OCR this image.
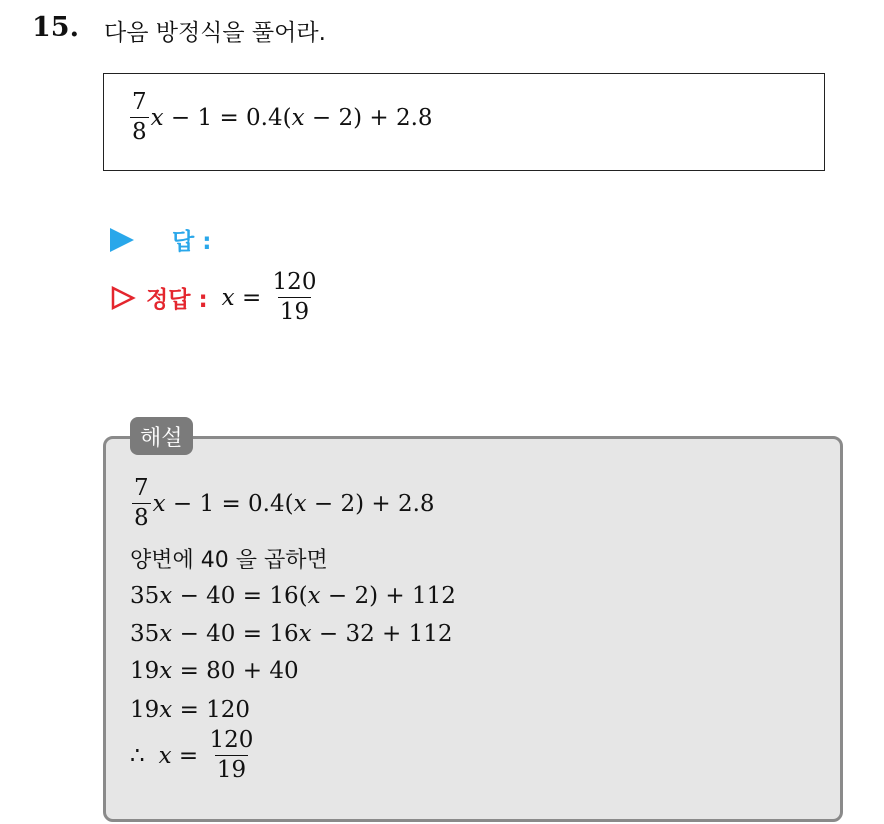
15. 다음 방정식을 풀어라.
$\frac{7}{8}$ x − 1 = 0.4( x − 2) + 2.8
답 :
정답 : $x = \frac{120}{19}$
해설
$\frac{7}{8}$ x − 1 = 0.4( x − 2) + 2.8
양변에 40 을 곱하면
35 x − 40 = 16( x − 2) + 112
35 x − 40 = 16 x − 32 + 112
19 x = 80 + 40
19 x = 120
∴ $x = \frac{120}{19}$
